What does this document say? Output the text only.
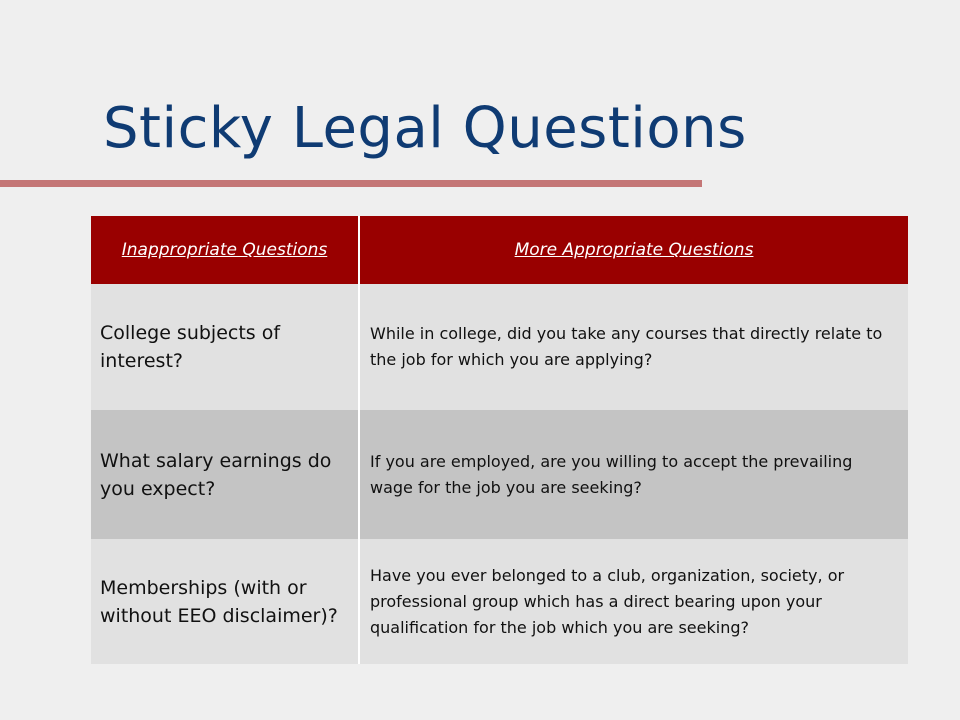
Sticky Legal Questions
Inappropriate Questions	More Appropriate Questions
College subjects of interest?	While in college, did you take any courses that directly relate to the job for which you are applying?
What salary earnings do you expect?	If you are employed, are you willing to accept the prevailing wage for the job you are seeking?
Memberships (with or without EEO disclaimer)?	Have you ever belonged to a club, organization, society, or professional group which has a direct bearing upon your qualification for the job which you are seeking?
